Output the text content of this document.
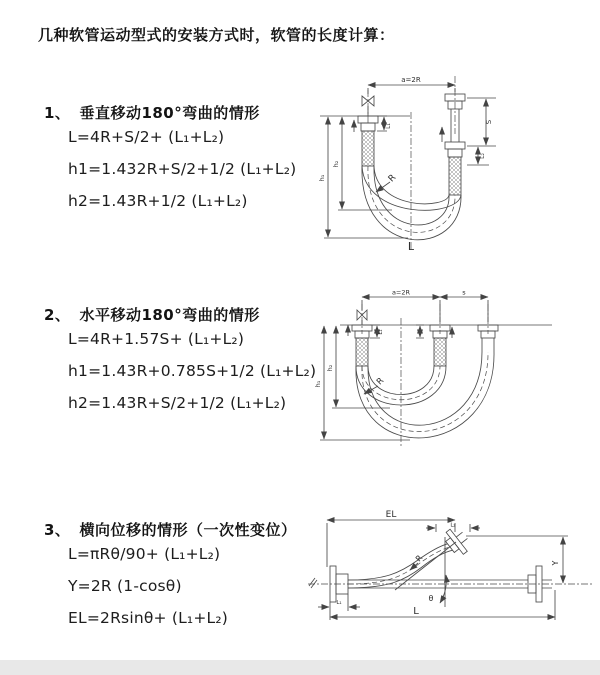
几种软管运动型式的安装方式时，软管的长度计算：
1、 垂直移动180°弯曲的情形
L=4R+S/2+ (L₁+L₂)
h1=1.432R+S/2+1/2 (L₁+L₂)
h2=1.43R+1/2 (L₁+L₂)
2、 水平移动180°弯曲的情形
L=4R+1.57S+ (L₁+L₂)
h1=1.43R+0.785S+1/2 (L₁+L₂)
h2=1.43R+S/2+1/2 (L₁+L₂)
3、 横向位移的情形（一次性变位）
L=πRθ/90+ (L₁+L₂)
Y=2R (1-cosθ)
EL=2Rsinθ+ (L₁+L₂)
a=2R
L₁
S
L₂
h₁
h₂
R
L
a=2R	s
h₁
h₂
L₁
R
EL
L₂
Y
θ
R
L
L₁
